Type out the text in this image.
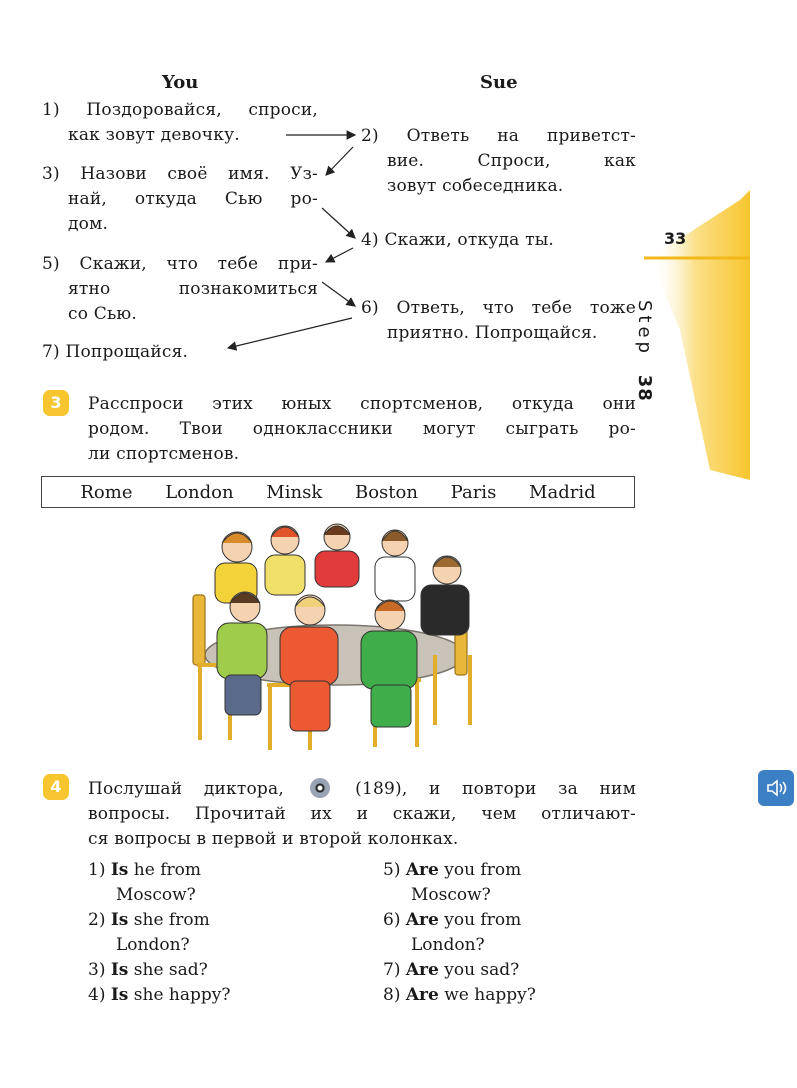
33
Step 38
You	Sue
1) Поздоровайся, спроси,
как зовут девочку.
3) Назови своё имя. Уз-
най, откуда Сью ро-
дом.
5) Скажи, что тебе при-
ятно познакомиться
со Сью.
7) Попрощайся.
2) Ответь на приветст-
вие. Спроси, как
зовут собеседника.
4) Скажи, откуда ты.
6) Ответь, что тебе тоже
приятно. Попрощайся.
3	Расспроси этих юных спортсменов, откуда они
родом. Твои одноклассники могут сыграть ро-
ли спортсменов.
Rome London Minsk Boston Paris Madrid
4	Послушай диктора,	(189), и повтори за ним
вопросы. Прочитай их и скажи, чем отличают-
ся вопросы в первой и второй колонках.
1) Is he from
Moscow?
2) Is she from
London?
3) Is she sad?
4) Is she happy?
5) Are you from
Moscow?
6) Are you from
London?
7) Are you sad?
8) Are we happy?
